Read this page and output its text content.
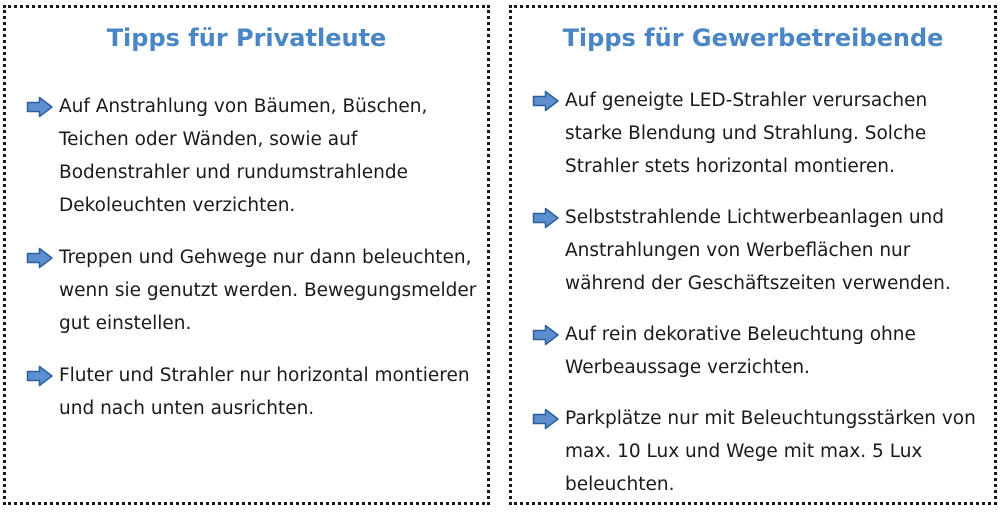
Tipps für Privatleute
Auf Anstrahlung von Bäumen, Büschen, Teichen oder Wänden, sowie auf Bodenstrahler und rundumstrahlende Dekoleuchten verzichten.
Treppen und Gehwege nur dann beleuchten, wenn sie genutzt werden. Bewegungsmelder gut einstellen.
Fluter und Strahler nur horizontal montieren und nach unten ausrichten.
Tipps für Gewerbetreibende
Auf geneigte LED-Strahler verursachen starke Blendung und Strahlung. Solche Strahler stets horizontal montieren.
Selbststrahlende Lichtwerbeanlagen und Anstrahlungen von Werbeflächen nur während der Geschäftszeiten verwenden.
Auf rein dekorative Beleuchtung ohne Werbeaussage verzichten.
Parkplätze nur mit Beleuchtungsstärken von max. 10 Lux und Wege mit max. 5 Lux beleuchten.
